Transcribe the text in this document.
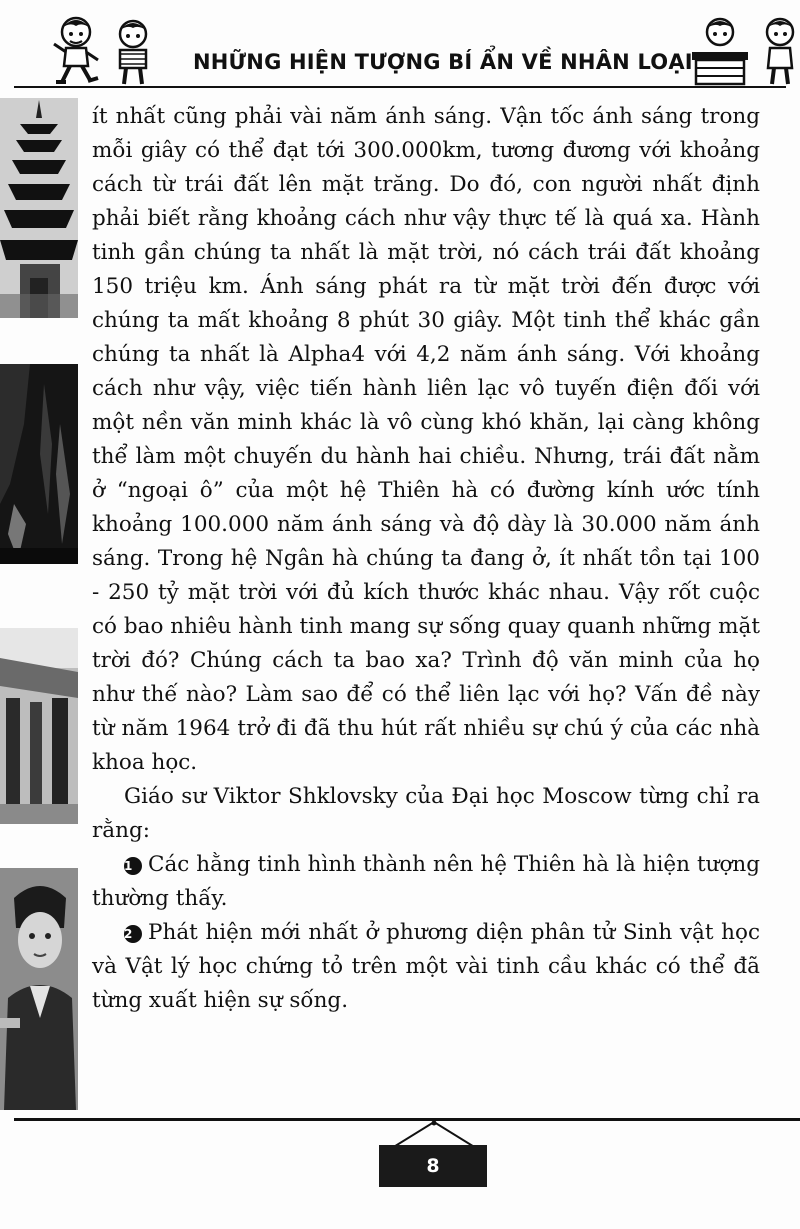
NHỮNG HIỆN TƯỢNG BÍ ẨN VỀ NHÂN LOẠI

ít nhất cũng phải vài năm ánh sáng. Vận tốc ánh sáng trong mỗi giây có thể đạt tới 300.000km, tương đương với khoảng cách từ trái đất lên mặt trăng. Do đó, con người nhất định phải biết rằng khoảng cách như vậy thực tế là quá xa. Hành tinh gần chúng ta nhất là mặt trời, nó cách trái đất khoảng 150 triệu km. Ánh sáng phát ra từ mặt trời đến được với chúng ta mất khoảng 8 phút 30 giây. Một tinh thể khác gần chúng ta nhất là Alpha4 với 4,2 năm ánh sáng. Với khoảng cách như vậy, việc tiến hành liên lạc vô tuyến điện đối với một nền văn minh khác là vô cùng khó khăn, lại càng không thể làm một chuyến du hành hai chiều. Nhưng, trái đất nằm ở “ngoại ô” của một hệ Thiên hà có đường kính ước tính khoảng 100.000 năm ánh sáng và độ dày là 30.000 năm ánh sáng. Trong hệ Ngân hà chúng ta đang ở, ít nhất tồn tại 100 - 250 tỷ mặt trời với đủ kích thước khác nhau. Vậy rốt cuộc có bao nhiêu hành tinh mang sự sống quay quanh những mặt trời đó? Chúng cách ta bao xa? Trình độ văn minh của họ như thế nào? Làm sao để có thể liên lạc với họ? Vấn đề này từ năm 1964 trở đi đã thu hút rất nhiều sự chú ý của các nhà khoa học.

Giáo sư Viktor Shklovsky của Đại học Moscow từng chỉ ra rằng:

1 Các hằng tinh hình thành nên hệ Thiên hà là hiện tượng thường thấy.

2 Phát hiện mới nhất ở phương diện phân tử Sinh vật học và Vật lý học chứng tỏ trên một vài tinh cầu khác có thể đã từng xuất hiện sự sống.

8
